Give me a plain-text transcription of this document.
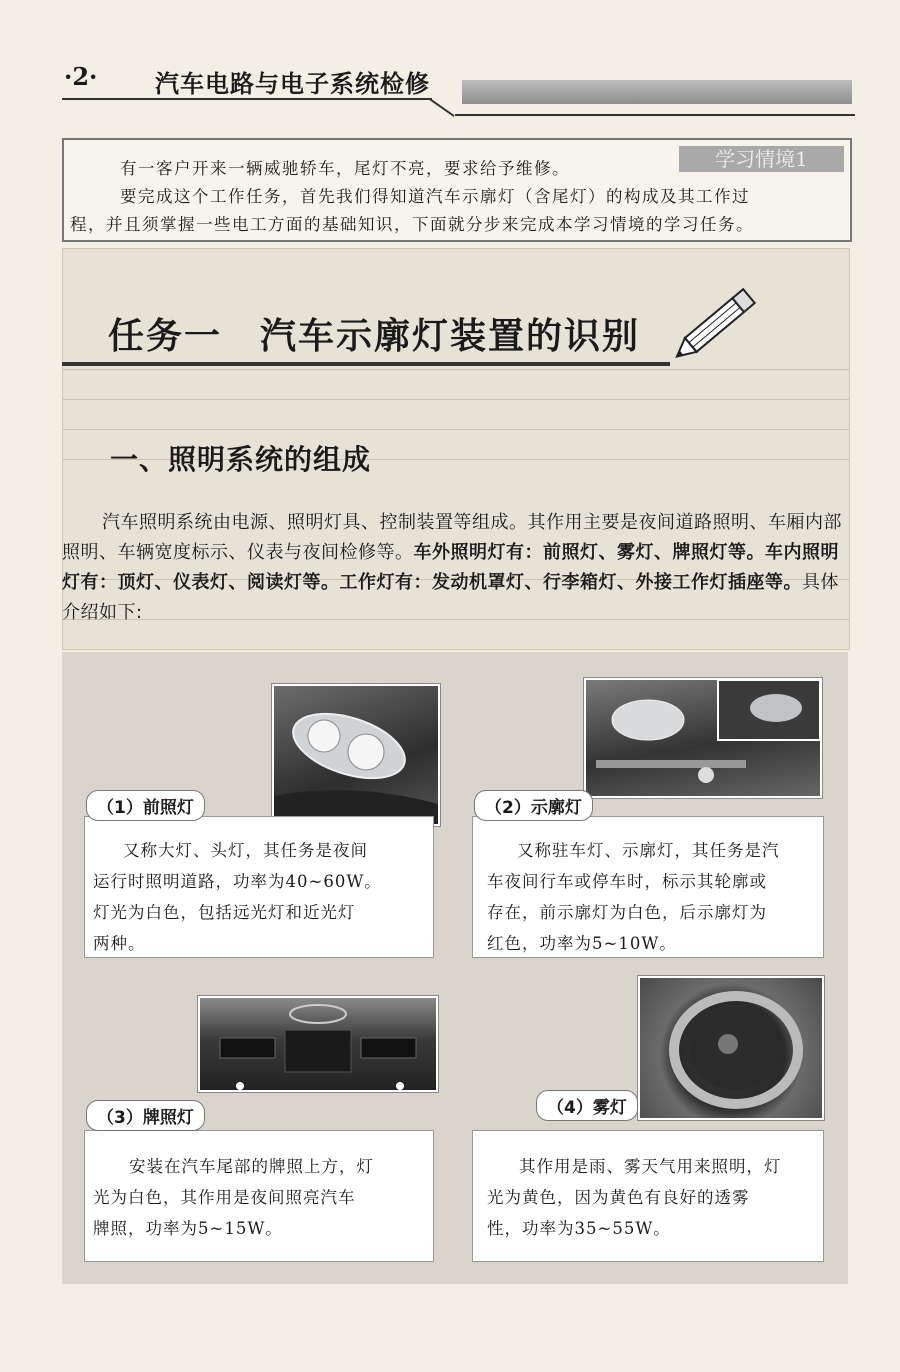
·2· 汽车电路与电子系统检修
学习情境1

有一客户开来一辆威驰轿车，尾灯不亮，要求给予维修。

要完成这个工作任务，首先我们得知道汽车示廓灯（含尾灯）的构成及其工作过

程，并且须掌握一些电工方面的基础知识，下面就分步来完成本学习情境的学习任务。

任务一　汽车示廓灯装置的识别
一、照明系统的组成
汽车照明系统由电源、照明灯具、控制装置等组成。其作用主要是夜间道路照明、车厢内部照明、车辆宽度标示、仪表与夜间检修等。车外照明灯有：前照灯、雾灯、牌照灯等。车内照明灯有：顶灯、仪表灯、阅读灯等。工作灯有：发动机罩灯、行李箱灯、外接工作灯插座等。具体介绍如下:
又称大灯、头灯，其任务是夜间
运行时照明道路，功率为40~60W。
灯光为白色，包括远光灯和近光灯
两种。
（1）前照灯
又称驻车灯、示廓灯，其任务是汽
车夜间行车或停车时，标示其轮廓或
存在，前示廓灯为白色，后示廓灯为
红色，功率为5~10W。
（2）示廓灯
安装在汽车尾部的牌照上方，灯
光为白色，其作用是夜间照亮汽车
牌照，功率为5~15W。
（3）牌照灯
其作用是雨、雾天气用来照明，灯
光为黄色，因为黄色有良好的透雾
性，功率为35~55W。
（4）雾灯
